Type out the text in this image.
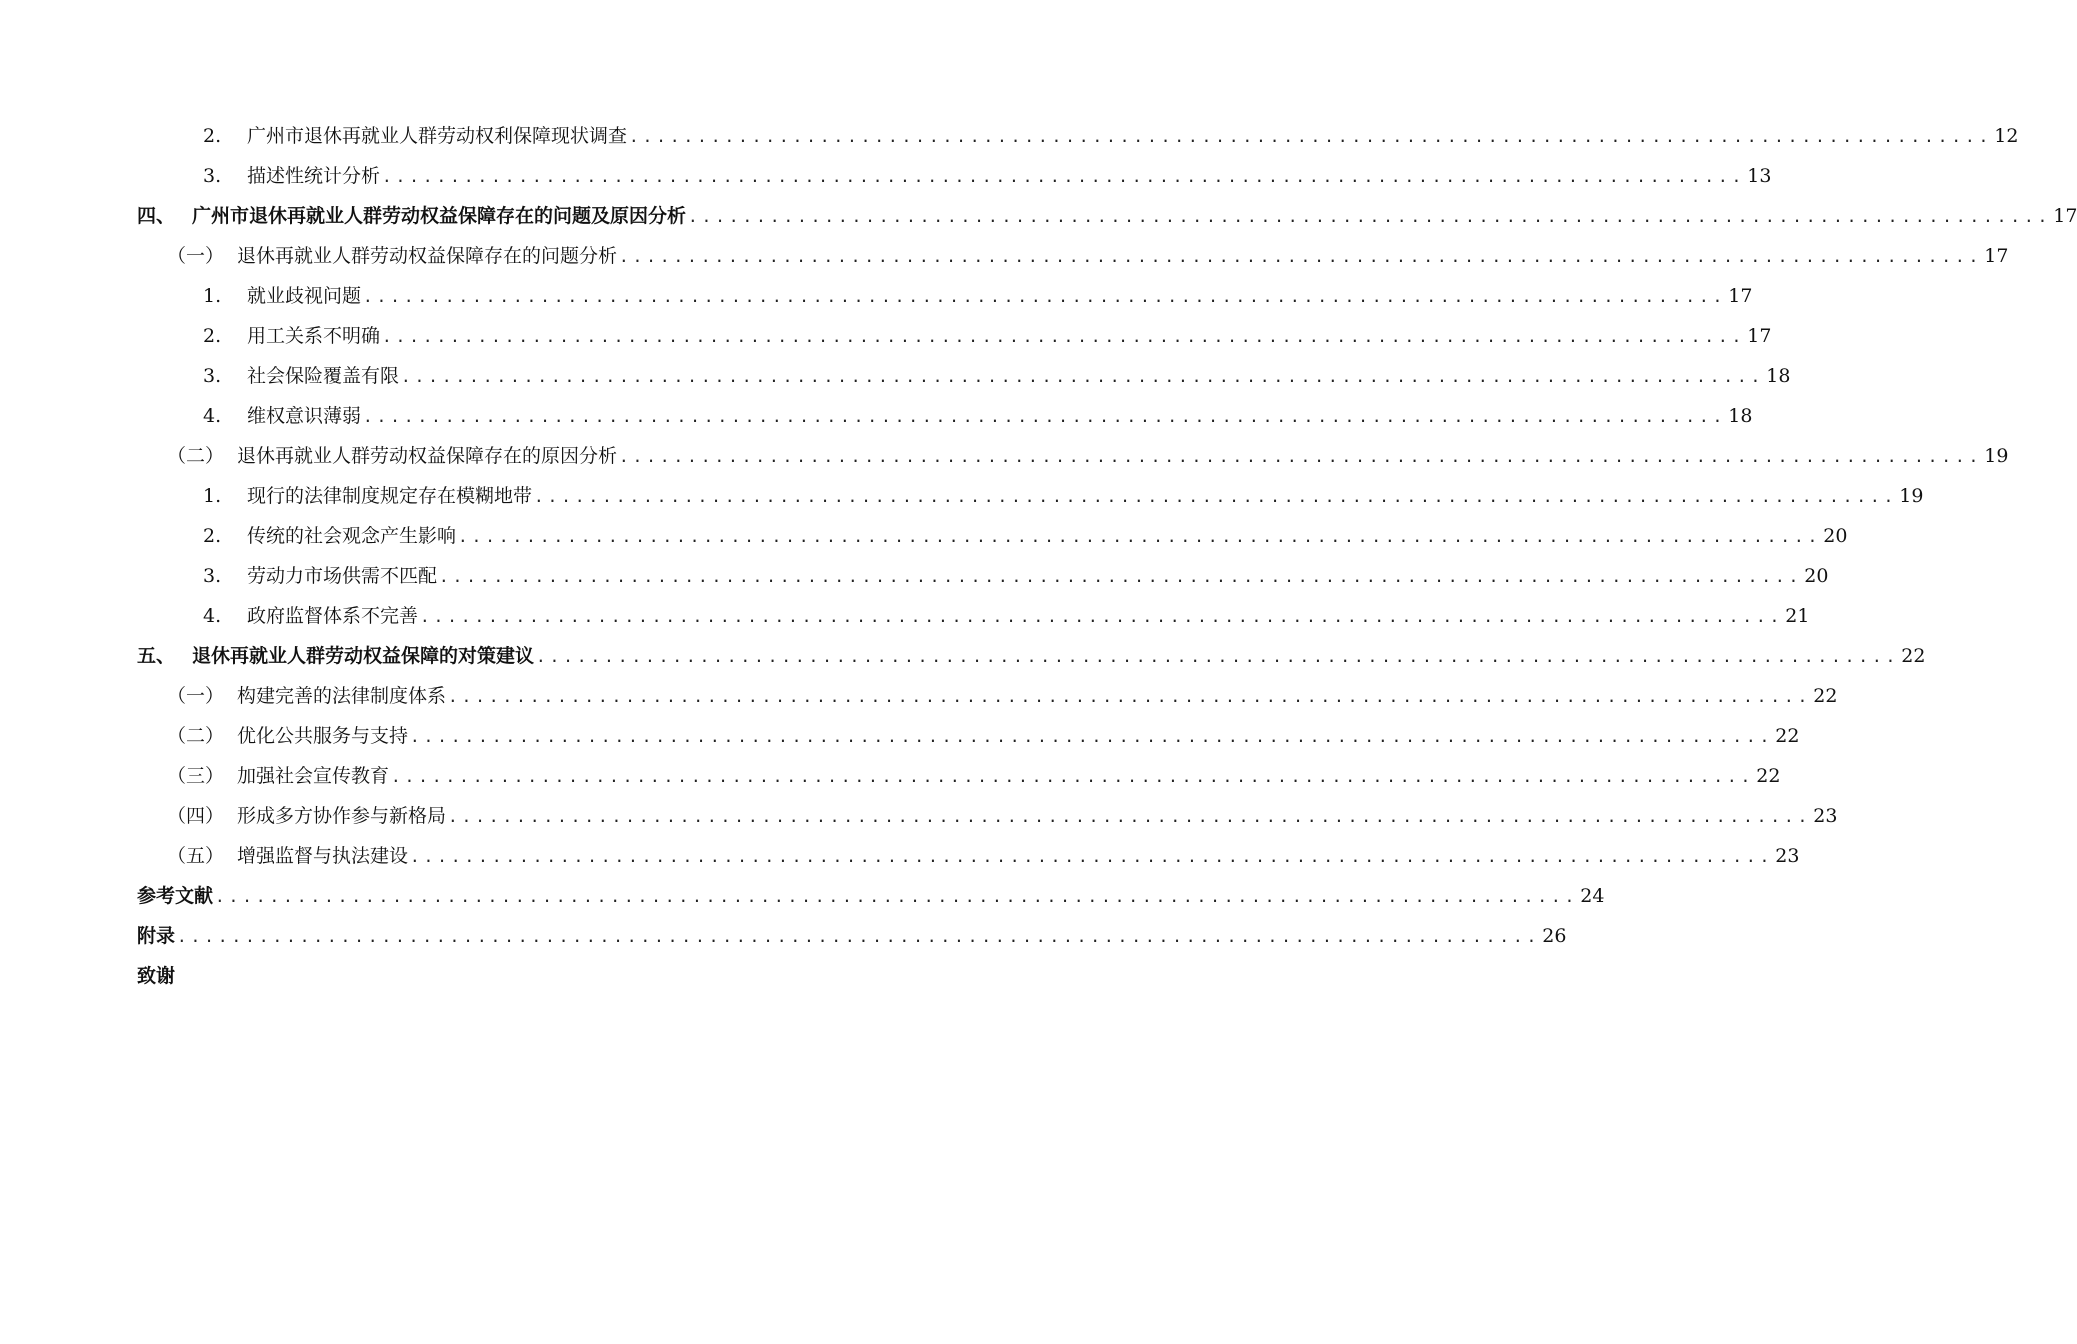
2.	广州市退休再就业人群劳动权利保障现状调查 .................................................................................................... 12
3.	描述性统计分析 .................................................................................................... 13
四、 广州市退休再就业人群劳动权益保障存在的问题及原因分析 .................................................................................................... 17
（一） 退休再就业人群劳动权益保障存在的问题分析 .................................................................................................... 17
1.	就业歧视问题 .................................................................................................... 17
2.	用工关系不明确 .................................................................................................... 17
3.	社会保险覆盖有限 .................................................................................................... 18
4.	维权意识薄弱 .................................................................................................... 18
（二） 退休再就业人群劳动权益保障存在的原因分析 .................................................................................................... 19
1.	现行的法律制度规定存在模糊地带 .................................................................................................... 19
2.	传统的社会观念产生影响 .................................................................................................... 20
3.	劳动力市场供需不匹配 .................................................................................................... 20
4.	政府监督体系不完善 .................................................................................................... 21
五、 退休再就业人群劳动权益保障的对策建议 .................................................................................................... 22
（一） 构建完善的法律制度体系 .................................................................................................... 22
（二） 优化公共服务与支持 .................................................................................................... 22
（三） 加强社会宣传教育 .................................................................................................... 22
（四） 形成多方协作参与新格局 .................................................................................................... 23
（五） 增强监督与执法建设 .................................................................................................... 23
参考文献 .................................................................................................... 24
附录 .................................................................................................... 26
致谢
